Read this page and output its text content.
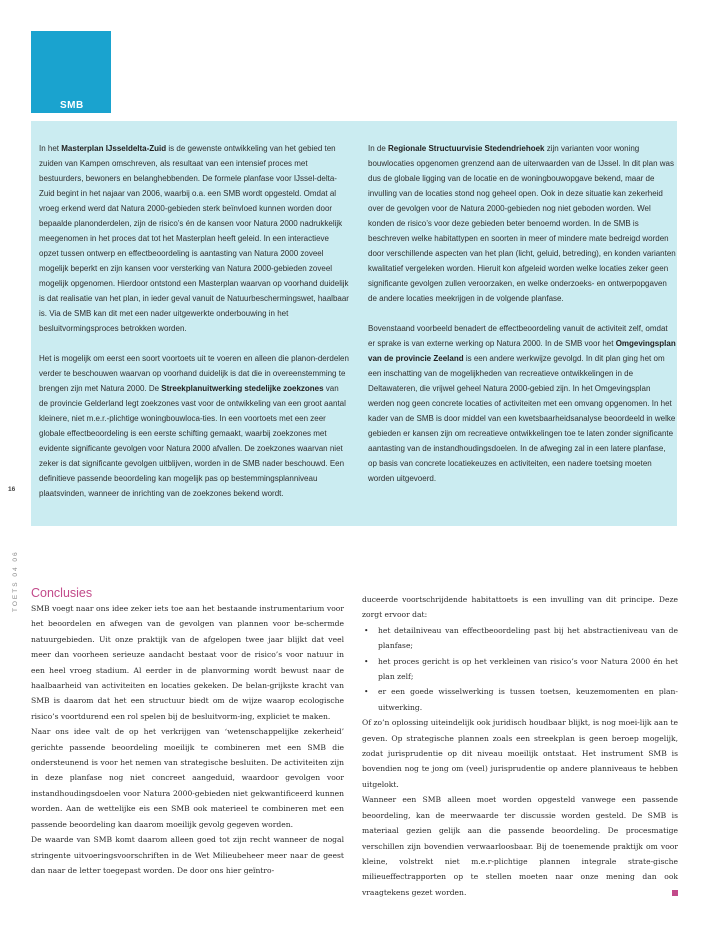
SMB

In het Masterplan IJsseldelta-Zuid is de gewenste ontwikkeling van het gebied ten zuiden van Kampen omschreven, als resultaat van een intensief proces met bestuurders, bewoners en belanghebbenden. De formele planfase voor IJssel-delta-Zuid begint in het najaar van 2006, waarbij o.a. een SMB wordt opgesteld. Omdat al vroeg erkend werd dat Natura 2000-gebieden sterk beïnvloed kunnen worden door bepaalde planonderdelen, zijn de risico’s én de kansen voor Natura 2000 nadrukkelijk meegenomen in het proces dat tot het Masterplan heeft geleid. In een interactieve opzet tussen ontwerp en effectbeoordeling is aantasting van Natura 2000 zoveel mogelijk beperkt en zijn kansen voor versterking van Natura 2000-gebieden zoveel mogelijk opgenomen. Hierdoor ontstond een Masterplan waarvan op voorhand duidelijk is dat realisatie van het plan, in ieder geval vanuit de Natuurbeschermingswet, haalbaar is. Via de SMB kan dit met een nader uitgewerkte onderbouwing in het besluitvormingsproces betrokken worden.

Het is mogelijk om eerst een soort voortoets uit te voeren en alleen die planon-derdelen verder te beschouwen waarvan op voorhand duidelijk is dat die in overeenstemming te brengen zijn met Natura 2000. De Streekplanuitwerking stedelijke zoekzones van de provincie Gelderland legt zoekzones vast voor de ontwikkeling van een groot aantal kleinere, niet m.e.r.-plichtige woningbouwloca-ties. In een voortoets met een zeer globale effectbeoordeling is een eerste schifting gemaakt, waarbij zoekzones met evidente significante gevolgen voor Natura 2000 afvallen. De zoekzones waarvan niet zeker is dat significante gevolgen uitblijven, worden in de SMB nader beschouwd. Een definitieve passende beoordeling kan mogelijk pas op bestemmingsplanniveau plaatsvinden, wanneer de inrichting van de zoekzones bekend wordt.

In de Regionale Structuurvisie Stedendriehoek zijn varianten voor woning bouwlocaties opgenomen grenzend aan de uiterwaarden van de IJssel. In dit plan was dus de globale ligging van de locatie en de woningbouwopgave bekend, maar de invulling van de locaties stond nog geheel open. Ook in deze situatie kan zekerheid over de gevolgen voor de Natura 2000-gebieden nog niet geboden worden. Wel konden de risico’s voor deze gebieden beter benoemd worden. In de SMB is beschreven welke habitattypen en soorten in meer of mindere mate bedreigd worden door verschillende aspecten van het plan (licht, geluid, betreding), en konden varianten kwalitatief vergeleken worden. Hieruit kon afgeleid worden welke locaties zeker geen significante gevolgen zullen veroorzaken, en welke onderzoeks- en ontwerpopgaven de andere locaties meekrijgen in de volgende planfase.

Bovenstaand voorbeeld benadert de effectbeoordeling vanuit de activiteit zelf, omdat er sprake is van externe werking op Natura 2000. In de SMB voor het Omgevingsplan van de provincie Zeeland is een andere werkwijze gevolgd. In dit plan ging het om een inschatting van de mogelijkheden van recreatieve ontwikkelingen in de Deltawateren, die vrijwel geheel Natura 2000-gebied zijn. In het Omgevingsplan werden nog geen concrete locaties of activiteiten met een omvang opgenomen. In het kader van de SMB is door middel van een kwetsbaarheidsanalyse beoordeeld in welke gebieden er kansen zijn om recreatieve ontwikkelingen toe te laten zonder significante aantasting van de instandhoudingsdoelen. In de afweging zal in een latere planfase, op basis van concrete locatiekeuzes en activiteiten, een nadere toetsing moeten worden uitgevoerd.

16
TOETS 04 06 Conclusies

SMB voegt naar ons idee zeker iets toe aan het bestaande instrumentarium voor het beoordelen en afwegen van de gevolgen van plannen voor be-schermde natuurgebieden. Uit onze praktijk van de afgelopen twee jaar blijkt dat veel meer dan voorheen serieuze aandacht bestaat voor de risico’s voor natuur in een heel vroeg stadium. Al eerder in de planvorming wordt bewust naar de haalbaarheid van activiteiten en locaties gekeken. De belan-grijkste kracht van SMB is daarom dat het een structuur biedt om de wijze waarop ecologische risico’s voortdurend een rol spelen bij de besluitvorm-ing, expliciet te maken.

Naar ons idee valt de op het verkrijgen van ‘wetenschappelijke zekerheid’ gerichte passende beoordeling moeilijk te combineren met een SMB die ondersteunend is voor het nemen van strategische besluiten. De activiteiten zijn in deze planfase nog niet concreet aangeduid, waardoor gevolgen voor instandhoudingsdoelen voor Natura 2000-gebieden niet gekwantificeerd kunnen worden. Aan de wettelijke eis een SMB ook materieel te combineren met een passende beoordeling kan daarom moeilijk gevolg gegeven worden.

De waarde van SMB komt daarom alleen goed tot zijn recht wanneer de nogal stringente uitvoeringsvoorschriften in de Wet Milieubeheer meer naar de geest dan naar de letter toegepast worden. De door ons hier geïntro-

duceerde voortschrijdende habitattoets is een invulling van dit principe. Deze zorgt ervoor dat:

• het detailniveau van effectbeoordeling past bij het abstractieniveau van de planfase;
• het proces gericht is op het verkleinen van risico’s voor Natura 2000 én het plan zelf;
• er een goede wisselwerking is tussen toetsen, keuzemomenten en plan-uitwerking.

Of zo’n oplossing uiteindelijk ook juridisch houdbaar blijkt, is nog moei-lijk aan te geven. Op strategische plannen zoals een streekplan is geen beroep mogelijk, zodat jurisprudentie op dit niveau moeilijk ontstaat. Het instrument SMB is bovendien nog te jong om (veel) jurisprudentie op andere planniveaus te hebben uitgelokt.

Wanneer een SMB alleen moet worden opgesteld vanwege een passende beoordeling, kan de meerwaarde ter discussie worden gesteld. De SMB is materiaal gezien gelijk aan die passende beoordeling. De procesmatige verschillen zijn bovendien verwaarloosbaar. Bij de toenemende praktijk om voor kleine, volstrekt niet m.e.r-plichtige plannen integrale strate-gische milieueffectrapporten op te stellen moeten naar onze mening dan ook vraagtekens gezet worden.
